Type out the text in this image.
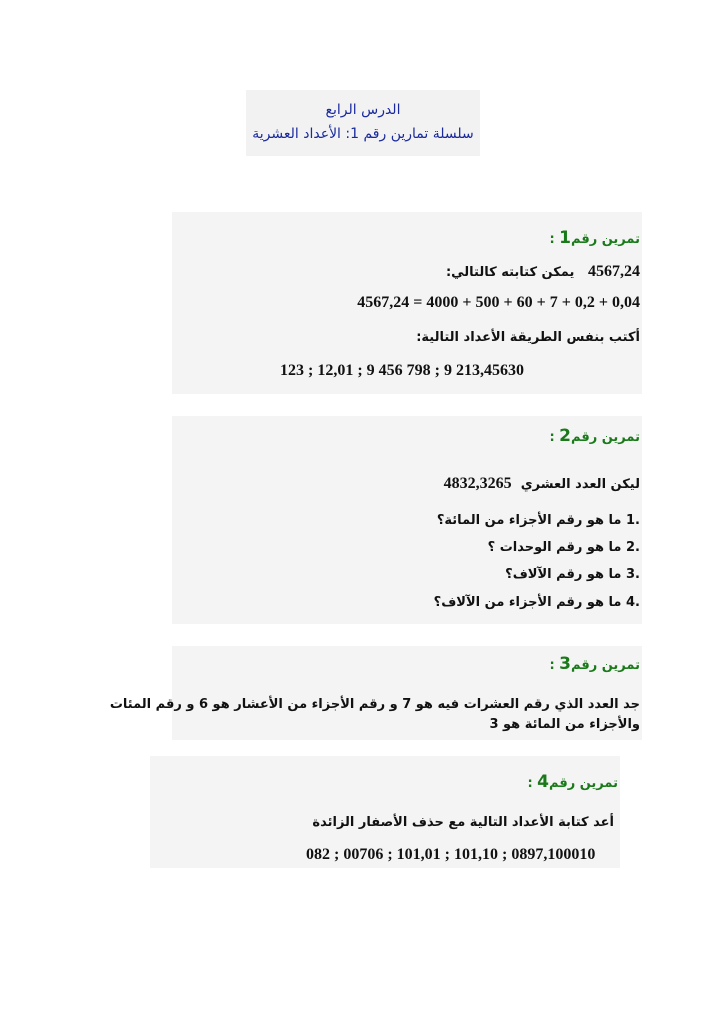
الدرس الرابع
سلسلة تمارين رقم 1: الأعداد العشرية
تمرين رقم1 :
4567,24   يمكن كتابته كالتالي:
4567,24 = 4000 + 500 + 60 + 7 + 0,2 + 0,04
أكتب بنفس الطريقة الأعداد التالية:
123 ; 12,01 ; 9 456 798 ; 9 213,45630
تمرين رقم2 :
ليكن العدد العشري  4832,3265
1. ما هو رقم الأجزاء من المائة؟
2. ما هو رقم الوحدات ؟
3. ما هو رقم الآلاف؟
4. ما هو رقم الأجزاء من الآلاف؟
تمرين رقم3 :
جد العدد الذي رقم العشرات فيه هو 7 و رقم الأجزاء من الأعشار هو 6 و رقم المئات
والأجزاء من المائة هو 3
تمرين رقم4 :
أعد كتابة الأعداد التالية مع حذف الأصفار الزائدة
082 ; 00706 ; 101,01 ; 101,10 ; 0897,100010
